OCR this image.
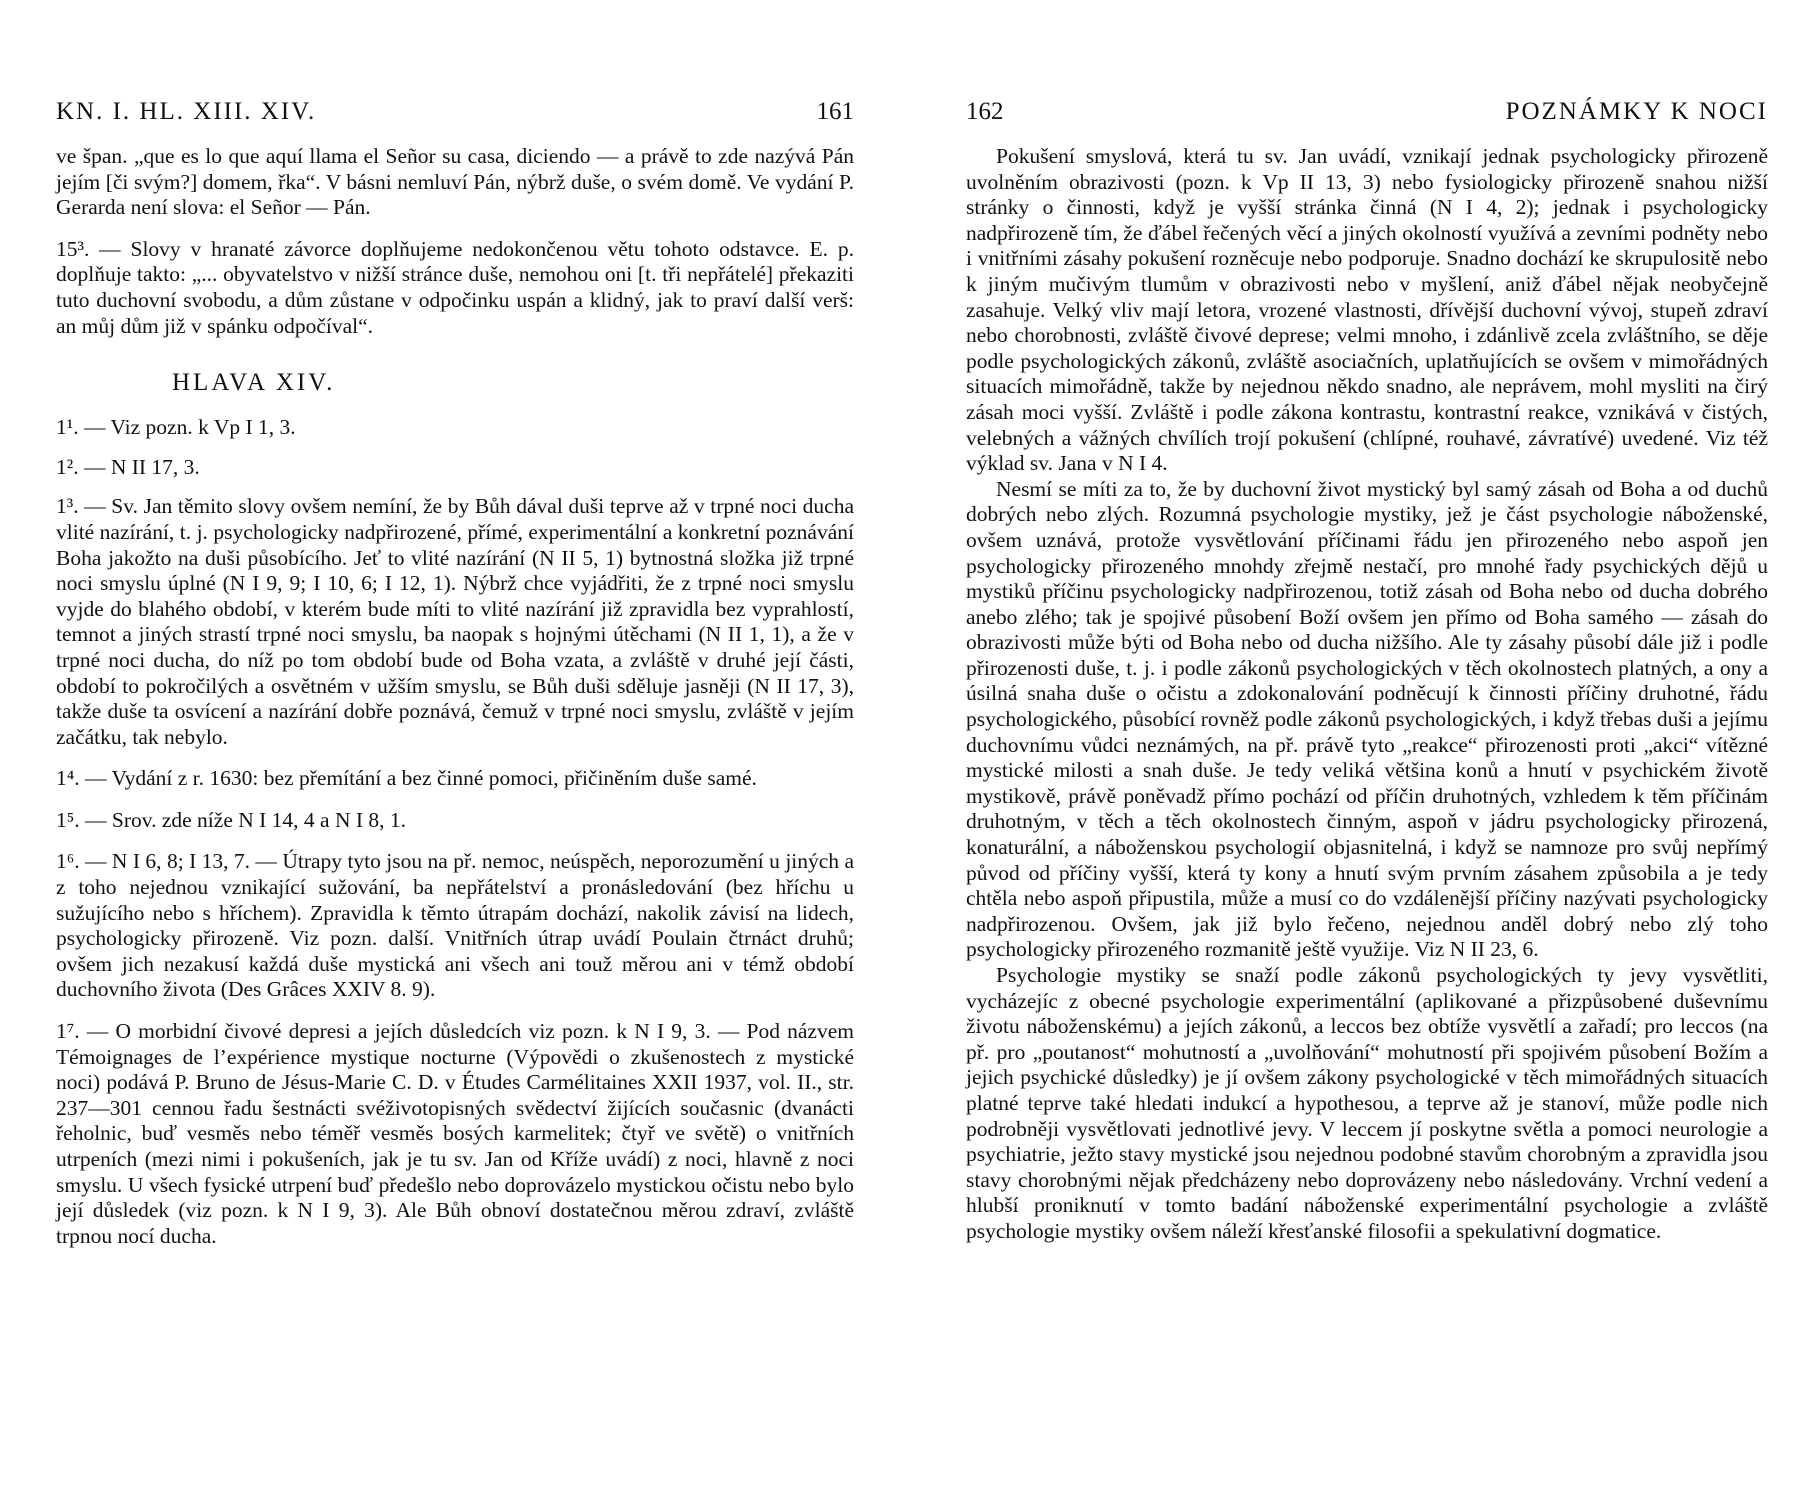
KN. I. HL. XIII. XIV.	161

ve špan. „que es lo que aquí llama el Señor su casa, diciendo — a právě to zde nazývá Pán jejím [či svým?] domem, řka“. V básni nemluví Pán, nýbrž duše, o svém domě. Ve vydání P. Gerarda není slova: el Señor — Pán.

15³. — Slovy v hranaté závorce doplňujeme nedokončenou větu tohoto odstavce. E. p. doplňuje takto: „... obyvatelstvo v nižší stránce duše, nemohou oni [t. tři nepřátelé] překaziti tuto duchovní svobodu, a dům zůstane v odpočinku uspán a klidný, jak to praví další verš: an můj dům již v spánku odpočíval“.

HLAVA XIV.

1¹. — Viz pozn. k Vp I 1, 3.

1². — N II 17, 3.

1³. — Sv. Jan těmito slovy ovšem nemíní, že by Bůh dával duši teprve až v trpné noci ducha vlité nazírání, t. j. psychologicky nadpřirozené, přímé, experimentální a konkretní poznávání Boha jakožto na duši působícího. Jeť to vlité nazírání (N II 5, 1) bytnostná složka již trpné noci smyslu úplné (N I 9, 9; I 10, 6; I 12, 1). Nýbrž chce vyjádřiti, že z trpné noci smyslu vyjde do blahého období, v kterém bude míti to vlité nazírání již zpravidla bez vyprahlostí, temnot a jiných strastí trpné noci smyslu, ba naopak s hojnými útěchami (N II 1, 1), a že v trpné noci ducha, do níž po tom období bude od Boha vzata, a zvláště v druhé její části, období to pokročilých a osvětném v užším smyslu, se Bůh duši sděluje jasněji (N II 17, 3), takže duše ta osvícení a nazírání dobře poznává, čemuž v trpné noci smyslu, zvláště v jejím začátku, tak nebylo.

1⁴. — Vydání z r. 1630: bez přemítání a bez činné pomoci, přičiněním duše samé.

1⁵. — Srov. zde níže N I 14, 4 a N I 8, 1.

1⁶. — N I 6, 8; I 13, 7. — Útrapy tyto jsou na př. nemoc, neúspěch, neporozumění u jiných a z toho nejednou vznikající sužování, ba nepřátelství a pronásledování (bez hříchu u sužujícího nebo s hříchem). Zpravidla k těmto útrapám dochází, nakolik závisí na lidech, psychologicky přirozeně. Viz pozn. další. Vnitřních útrap uvádí Poulain čtrnáct druhů; ovšem jich nezakusí každá duše mystická ani všech ani touž měrou ani v témž období duchovního života (Des Grâces XXIV 8. 9).

1⁷. — O morbidní čivové depresi a jejích důsledcích viz pozn. k N I 9, 3. — Pod názvem Témoignages de l’expérience mystique nocturne (Výpovědi o zkušenostech z mystické noci) podává P. Bruno de Jésus-Marie C. D. v Études Carmélitaines XXII 1937, vol. II., str. 237—301 cennou řadu šestnácti svéživotopisných svědectví žijících současnic (dvanácti řeholnic, buď vesměs nebo téměř vesměs bosých karmelitek; čtyř ve světě) o vnitřních utrpeních (mezi nimi i pokušeních, jak je tu sv. Jan od Kříže uvádí) z noci, hlavně z noci smyslu. U všech fysické utrpení buď předešlo nebo doprovázelo mystickou očistu nebo bylo její důsledek (viz pozn. k N I 9, 3). Ale Bůh obnoví dostatečnou měrou zdraví, zvláště trpnou nocí ducha.

162	POZNÁMKY K NOCI

Pokušení smyslová, která tu sv. Jan uvádí, vznikají jednak psychologicky přirozeně uvolněním obrazivosti (pozn. k Vp II 13, 3) nebo fysiologicky přirozeně snahou nižší stránky o činnosti, když je vyšší stránka činná (N I 4, 2); jednak i psychologicky nadpřirozeně tím, že ďábel řečených věcí a jiných okolností využívá a zevními podněty nebo i vnitřními zásahy pokušení rozněcuje nebo podporuje. Snadno dochází ke skrupulositě nebo k jiným mučivým tlumům v obrazivosti nebo v myšlení, aniž ďábel nějak neobyčejně zasahuje. Velký vliv mají letora, vrozené vlastnosti, dřívější duchovní vývoj, stupeň zdraví nebo chorobnosti, zvláště čivové deprese; velmi mnoho, i zdánlivě zcela zvláštního, se děje podle psychologických zákonů, zvláště asociačních, uplatňujících se ovšem v mimořádných situacích mimořádně, takže by nejednou někdo snadno, ale neprávem, mohl mysliti na čirý zásah moci vyšší. Zvláště i podle zákona kontrastu, kontrastní reakce, vznikává v čistých, velebných a vážných chvílích trojí pokušení (chlípné, rouhavé, závratívé) uvedené. Viz též výklad sv. Jana v N I 4.

Nesmí se míti za to, že by duchovní život mystický byl samý zásah od Boha a od duchů dobrých nebo zlých. Rozumná psychologie mystiky, jež je část psychologie náboženské, ovšem uznává, protože vysvětlování příčinami řádu jen přirozeného nebo aspoň jen psychologicky přirozeného mnohdy zřejmě nestačí, pro mnohé řady psychických dějů u mystiků příčinu psychologicky nadpřirozenou, totiž zásah od Boha nebo od ducha dobrého anebo zlého; tak je spojivé působení Boží ovšem jen přímo od Boha samého — zásah do obrazivosti může býti od Boha nebo od ducha nižšího. Ale ty zásahy působí dále již i podle přirozenosti duše, t. j. i podle zákonů psychologických v těch okolnostech platných, a ony a úsilná snaha duše o očistu a zdokonalování podněcují k činnosti příčiny druhotné, řádu psychologického, působící rovněž podle zákonů psychologických, i když třebas duši a jejímu duchovnímu vůdci neznámých, na př. právě tyto „reakce“ přirozenosti proti „akci“ vítězné mystické milosti a snah duše. Je tedy veliká většina konů a hnutí v psychickém životě mystikově, právě poněvadž přímo pochází od příčin druhotných, vzhledem k těm příčinám druhotným, v těch a těch okolnostech činným, aspoň v jádru psychologicky přirozená, konaturální, a náboženskou psychologií objasnitelná, i když se namnoze pro svůj nepřímý původ od příčiny vyšší, která ty kony a hnutí svým prvním zásahem způsobila a je tedy chtěla nebo aspoň připustila, může a musí co do vzdálenější příčiny nazývati psychologicky nadpřirozenou. Ovšem, jak již bylo řečeno, nejednou anděl dobrý nebo zlý toho psychologicky přirozeného rozmanitě ještě využije. Viz N II 23, 6.

Psychologie mystiky se snaží podle zákonů psychologických ty jevy vysvětliti, vycházejíc z obecné psychologie experimentální (aplikované a přizpůsobené duševnímu životu náboženskému) a jejích zákonů, a leccos bez obtíže vysvětlí a zařadí; pro leccos (na př. pro „poutanost“ mohutností a „uvolňování“ mohutností při spojivém působení Božím a jejich psychické důsledky) je jí ovšem zákony psychologické v těch mimořádných situacích platné teprve také hledati indukcí a hypothesou, a teprve až je stanoví, může podle nich podrobněji vysvětlovati jednotlivé jevy. V leccem jí poskytne světla a pomoci neurologie a psychiatrie, ježto stavy mystické jsou nejednou podobné stavům chorobným a zpravidla jsou stavy chorobnými nějak předcházeny nebo doprovázeny nebo následovány. Vrchní vedení a hlubší proniknutí v tomto badání náboženské experimentální psychologie a zvláště psychologie mystiky ovšem náleží křesťanské filosofii a spekulativní dogmatice.
